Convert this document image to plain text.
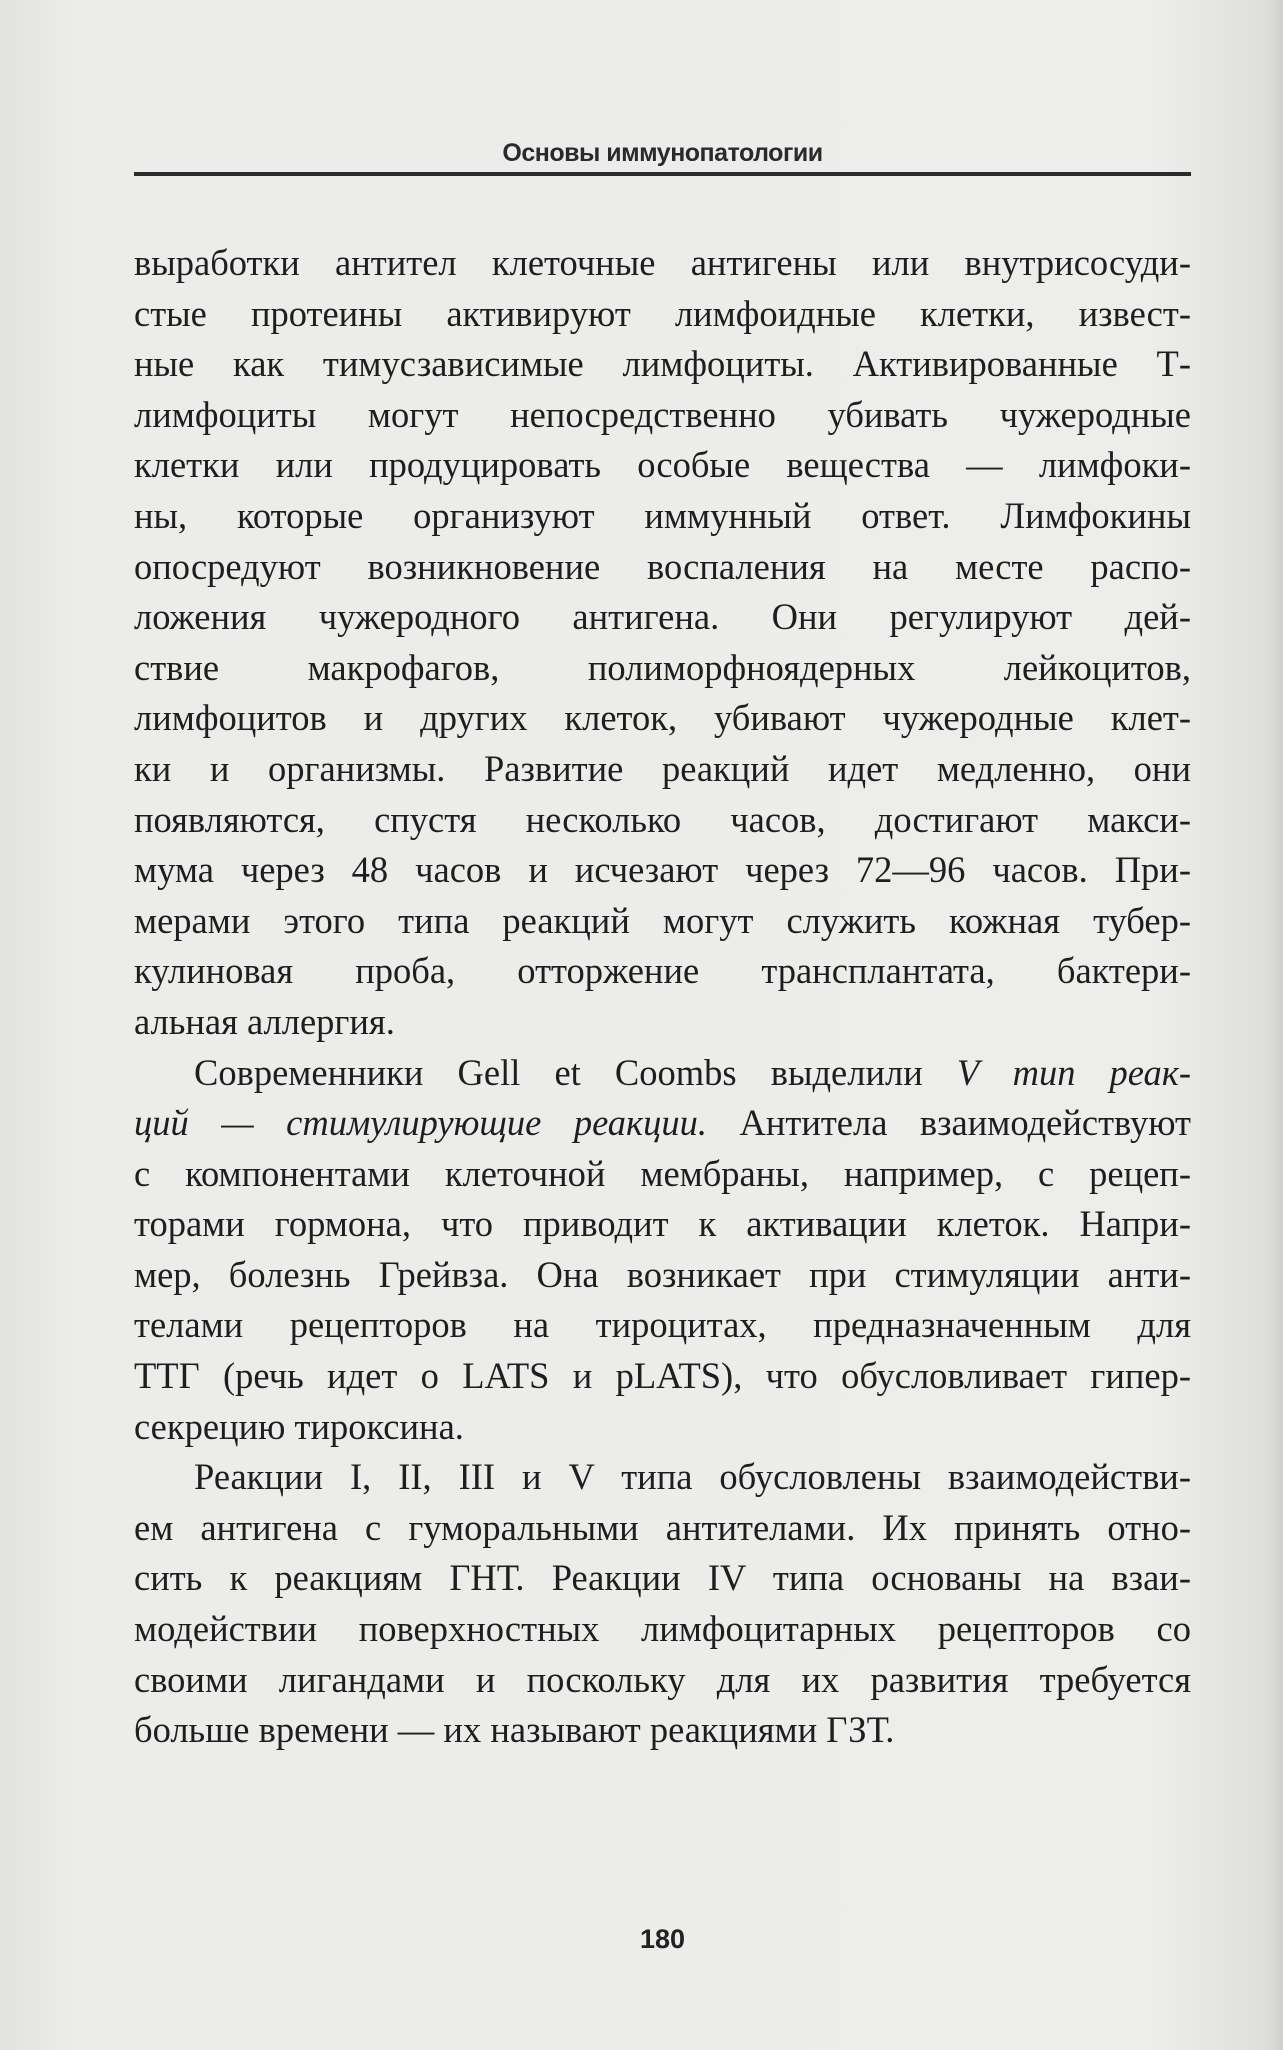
Основы иммунопатологии

выработки антител клеточные антигены или внутрисосуди-
стые протеины активируют лимфоидные клетки, извест-
ные как тимусзависимые лимфоциты. Активированные Т-
лимфоциты могут непосредственно убивать чужеродные
клетки или продуцировать особые вещества — лимфоки-
ны, которые организуют иммунный ответ. Лимфокины
опосредуют возникновение воспаления на месте распо-
ложения чужеродного антигена. Они регулируют дей-
ствие макрофагов, полиморфноядерных лейкоцитов,
лимфоцитов и других клеток, убивают чужеродные клет-
ки и организмы. Развитие реакций идет медленно, они
появляются, спустя несколько часов, достигают макси-
мума через 48 часов и исчезают через 72—96 часов. При-
мерами этого типа реакций могут служить кожная тубер-
кулиновая проба, отторжение трансплантата, бактери-
альная аллергия.

Современники Gell et Coombs выделили V тип реак-
ций — стимулирующие реакции. Антитела взаимодействуют
с компонентами клеточной мембраны, например, с рецеп-
торами гормона, что приводит к активации клеток. Напри-
мер, болезнь Грейвза. Она возникает при стимуляции анти-
телами рецепторов на тироцитах, предназначенным для
ТТГ (речь идет о LATS и pLATS), что обусловливает гипер-
секрецию тироксина.

Реакции I, II, III и V типа обусловлены взаимодействи-
ем антигена с гуморальными антителами. Их принять отно-
сить к реакциям ГНТ. Реакции IV типа основаны на взаи-
модействии поверхностных лимфоцитарных рецепторов со
своими лигандами и поскольку для их развития требуется
больше времени — их называют реакциями ГЗТ.

180
